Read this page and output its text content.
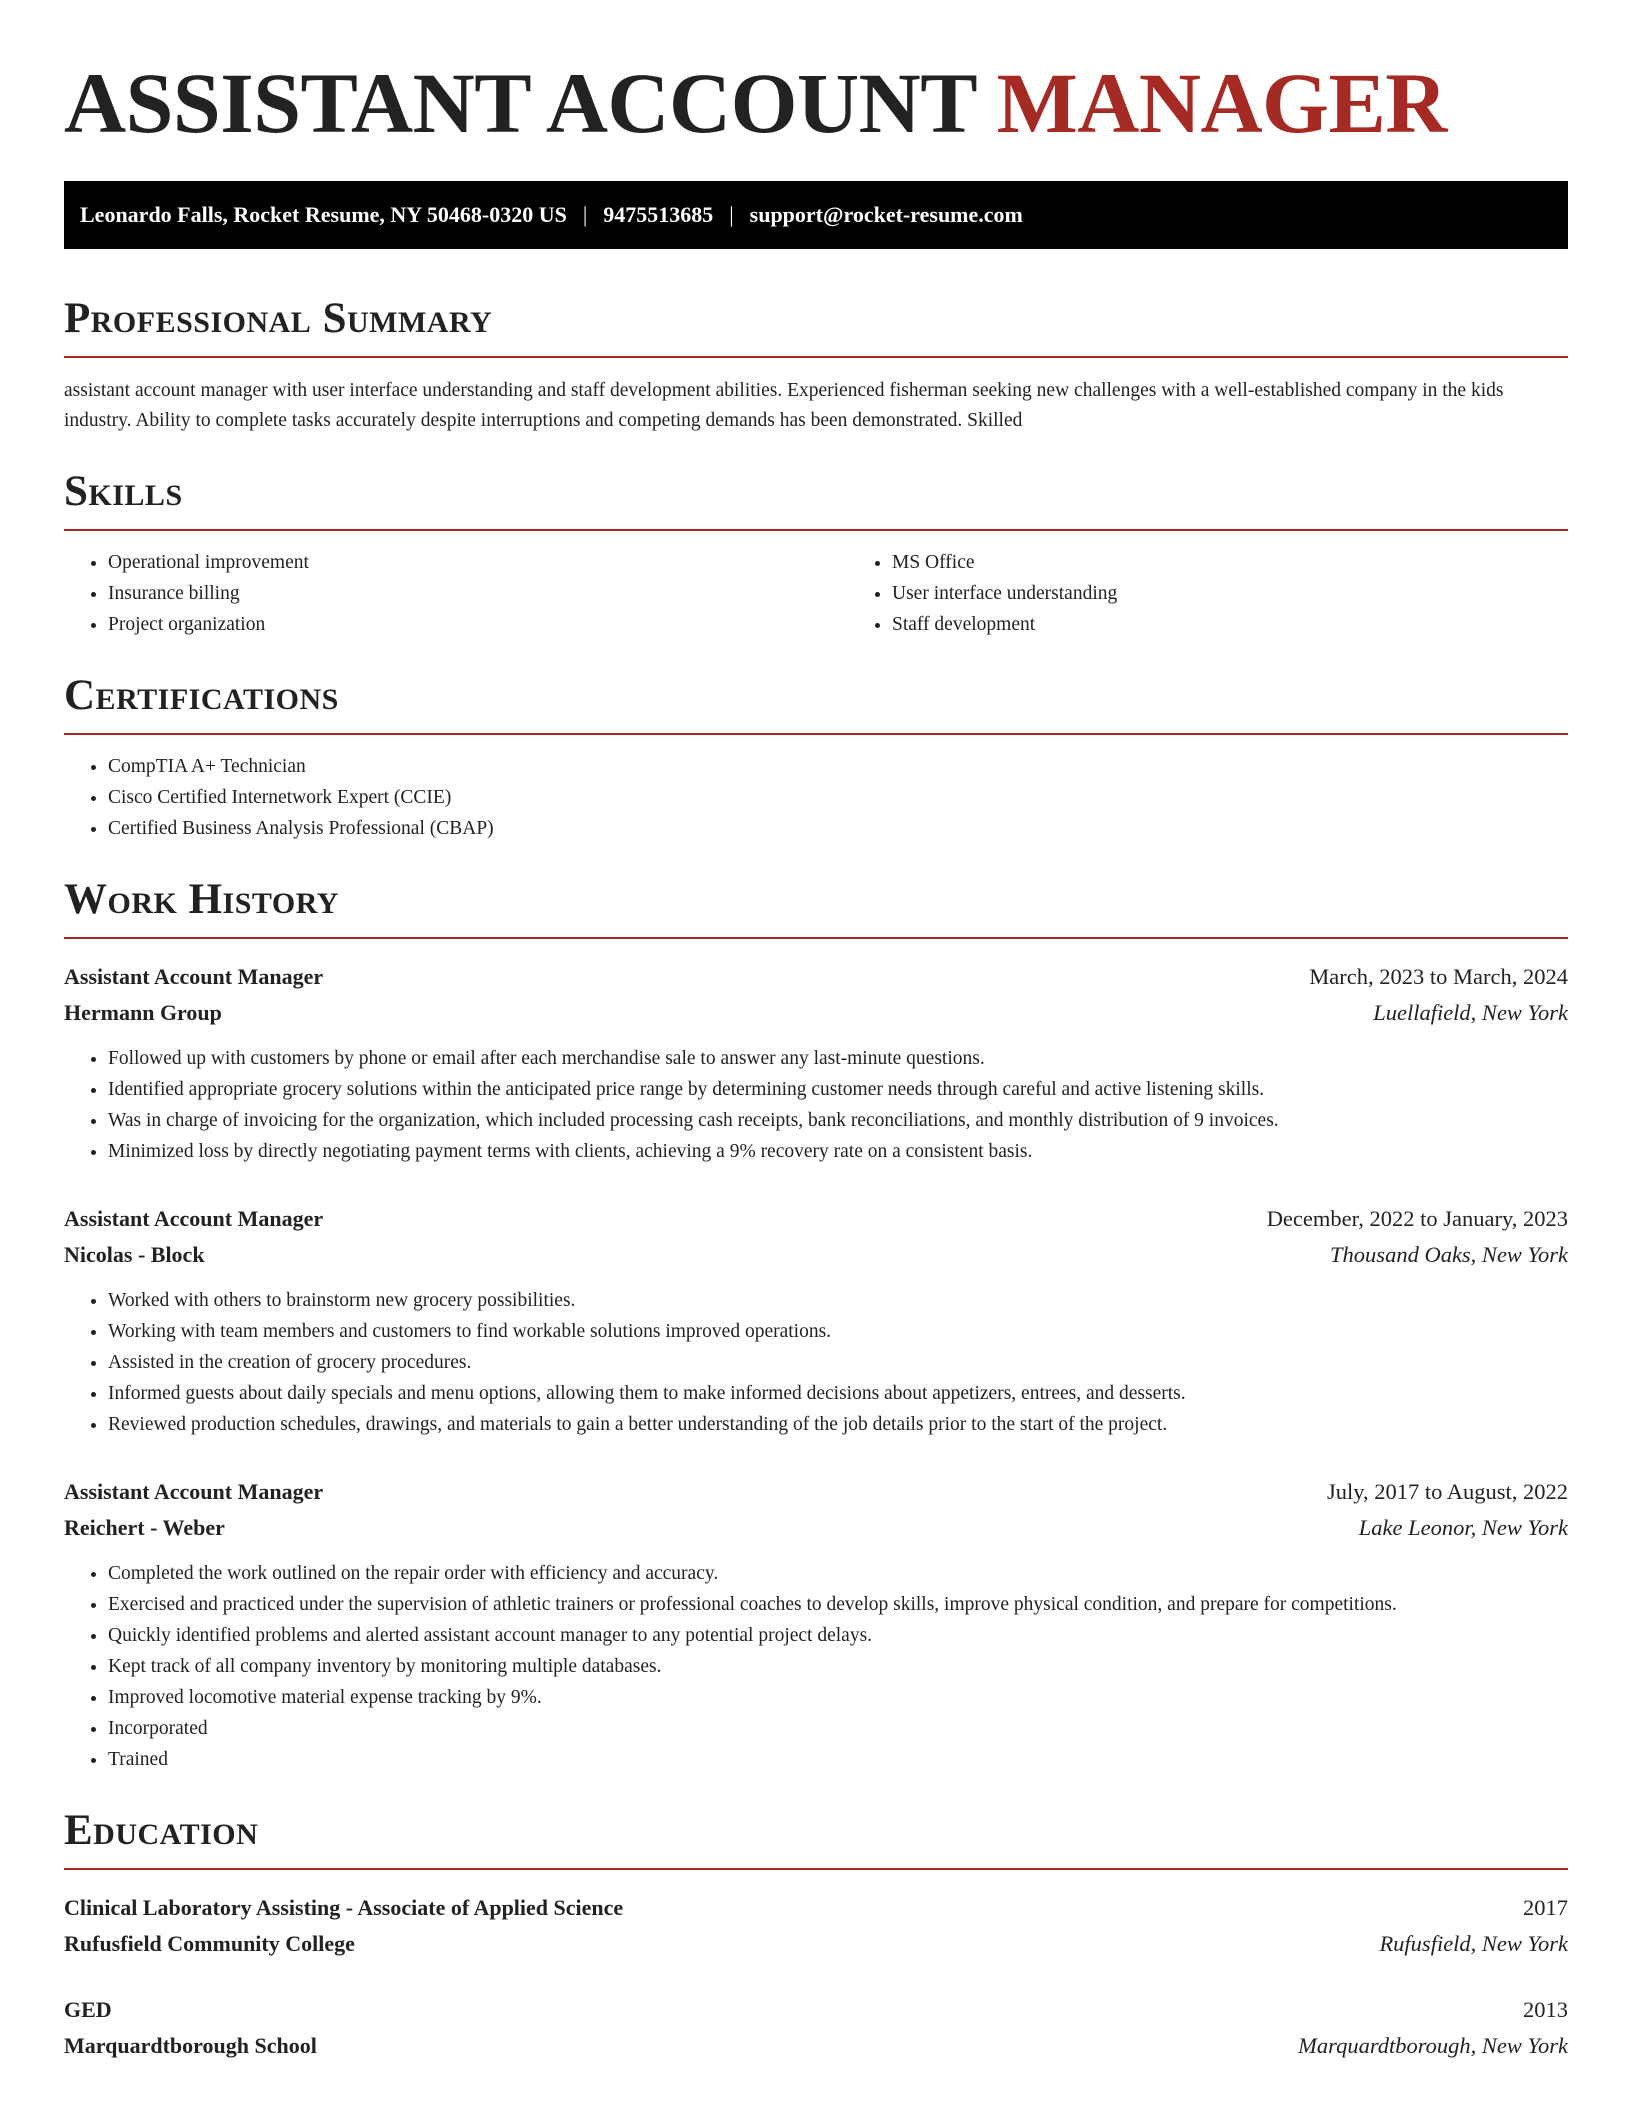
ASSISTANT ACCOUNT MANAGER
Leonardo Falls, Rocket Resume, NY 50468-0320 US | 9475513685 | support@rocket-resume.com
Professional Summary

assistant account manager with user interface understanding and staff development abilities. Experienced fisherman seeking new challenges with a well-established company in the kids industry. Ability to complete tasks accurately despite interruptions and competing demands has been demonstrated. Skilled

Skills
• Operational improvement
• Insurance billing
• Project organization
• MS Office
• User interface understanding
• Staff development
Certifications
• CompTIA A+ Technician
• Cisco Certified Internetwork Expert (CCIE)
• Certified Business Analysis Professional (CBAP)
Work History
Assistant Account Manager	March, 2023 to March, 2024
Hermann Group	Luellafield, New York
• Followed up with customers by phone or email after each merchandise sale to answer any last-minute questions.
• Identified appropriate grocery solutions within the anticipated price range by determining customer needs through careful and active listening skills.
• Was in charge of invoicing for the organization, which included processing cash receipts, bank reconciliations, and monthly distribution of 9 invoices.
• Minimized loss by directly negotiating payment terms with clients, achieving a 9% recovery rate on a consistent basis.
Assistant Account Manager	December, 2022 to January, 2023
Nicolas - Block	Thousand Oaks, New York
• Worked with others to brainstorm new grocery possibilities.
• Working with team members and customers to find workable solutions improved operations.
• Assisted in the creation of grocery procedures.
• Informed guests about daily specials and menu options, allowing them to make informed decisions about appetizers, entrees, and desserts.
• Reviewed production schedules, drawings, and materials to gain a better understanding of the job details prior to the start of the project.
Assistant Account Manager	July, 2017 to August, 2022
Reichert - Weber	Lake Leonor, New York
• Completed the work outlined on the repair order with efficiency and accuracy.
• Exercised and practiced under the supervision of athletic trainers or professional coaches to develop skills, improve physical condition, and prepare for competitions.
• Quickly identified problems and alerted assistant account manager to any potential project delays.
• Kept track of all company inventory by monitoring multiple databases.
• Improved locomotive material expense tracking by 9%.
• Incorporated
• Trained
Education
Clinical Laboratory Assisting - Associate of Applied Science	2017
Rufusfield Community College	Rufusfield, New York
GED	2013
Marquardtborough School	Marquardtborough, New York
